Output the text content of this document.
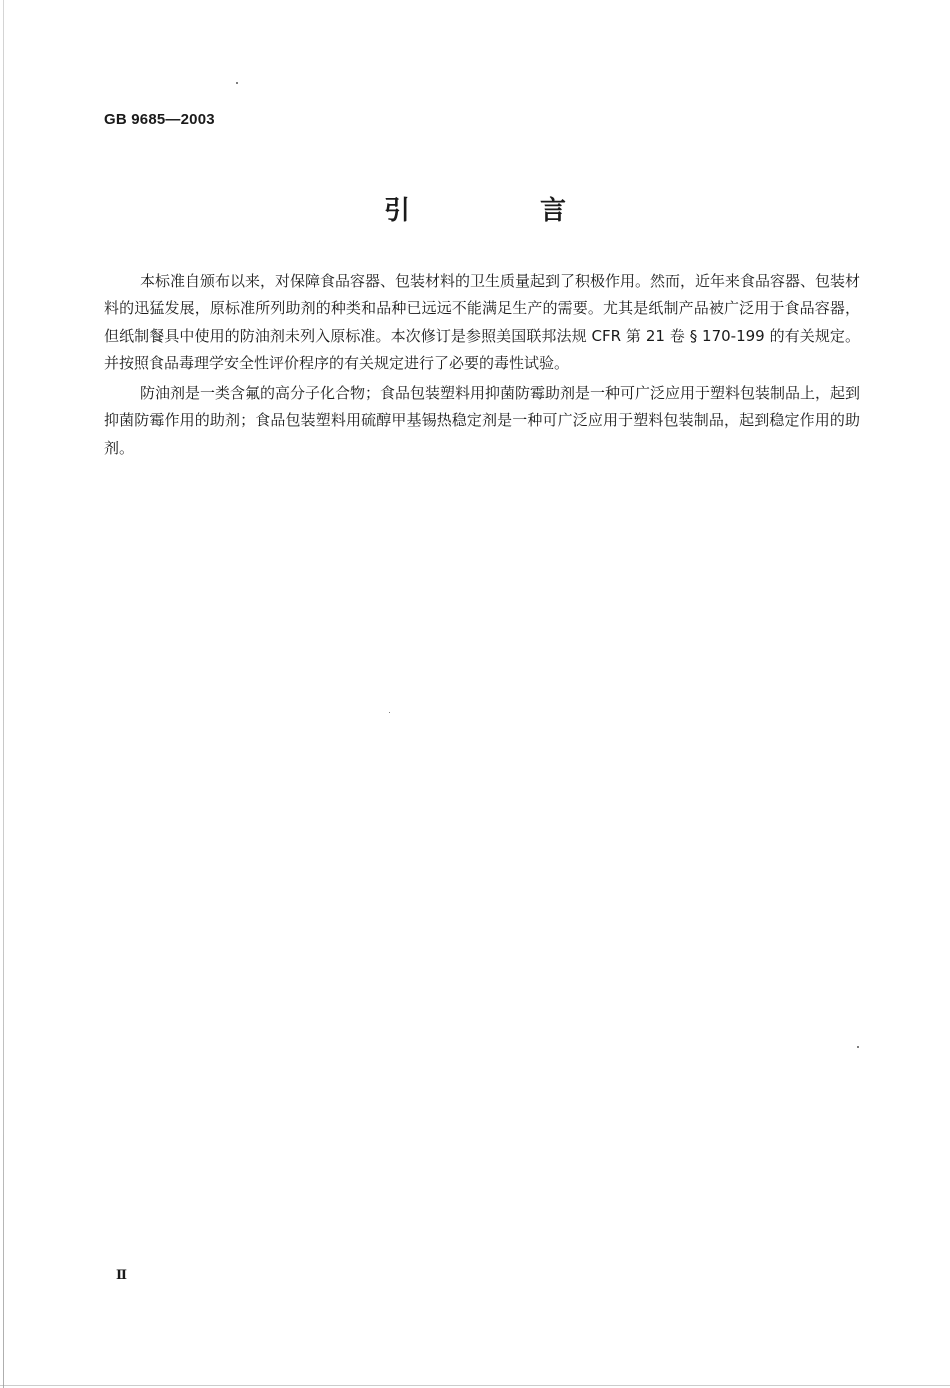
GB 9685—2003
引　言

本标准自颁布以来，对保障食品容器、包装材料的卫生质量起到了积极作用。然而，近年来食品容器、包装材料的迅猛发展，原标准所列助剂的种类和品种已远远不能满足生产的需要。尤其是纸制产品被广泛用于食品容器，但纸制餐具中使用的防油剂未列入原标准。本次修订是参照美国联邦法规 CFR 第 21 卷 § 170-199 的有关规定。并按照食品毒理学安全性评价程序的有关规定进行了必要的毒性试验。

防油剂是一类含氟的高分子化合物；食品包装塑料用抑菌防霉助剂是一种可广泛应用于塑料包装制品上，起到抑菌防霉作用的助剂；食品包装塑料用硫醇甲基锡热稳定剂是一种可广泛应用于塑料包装制品，起到稳定作用的助剂。

Ⅱ
